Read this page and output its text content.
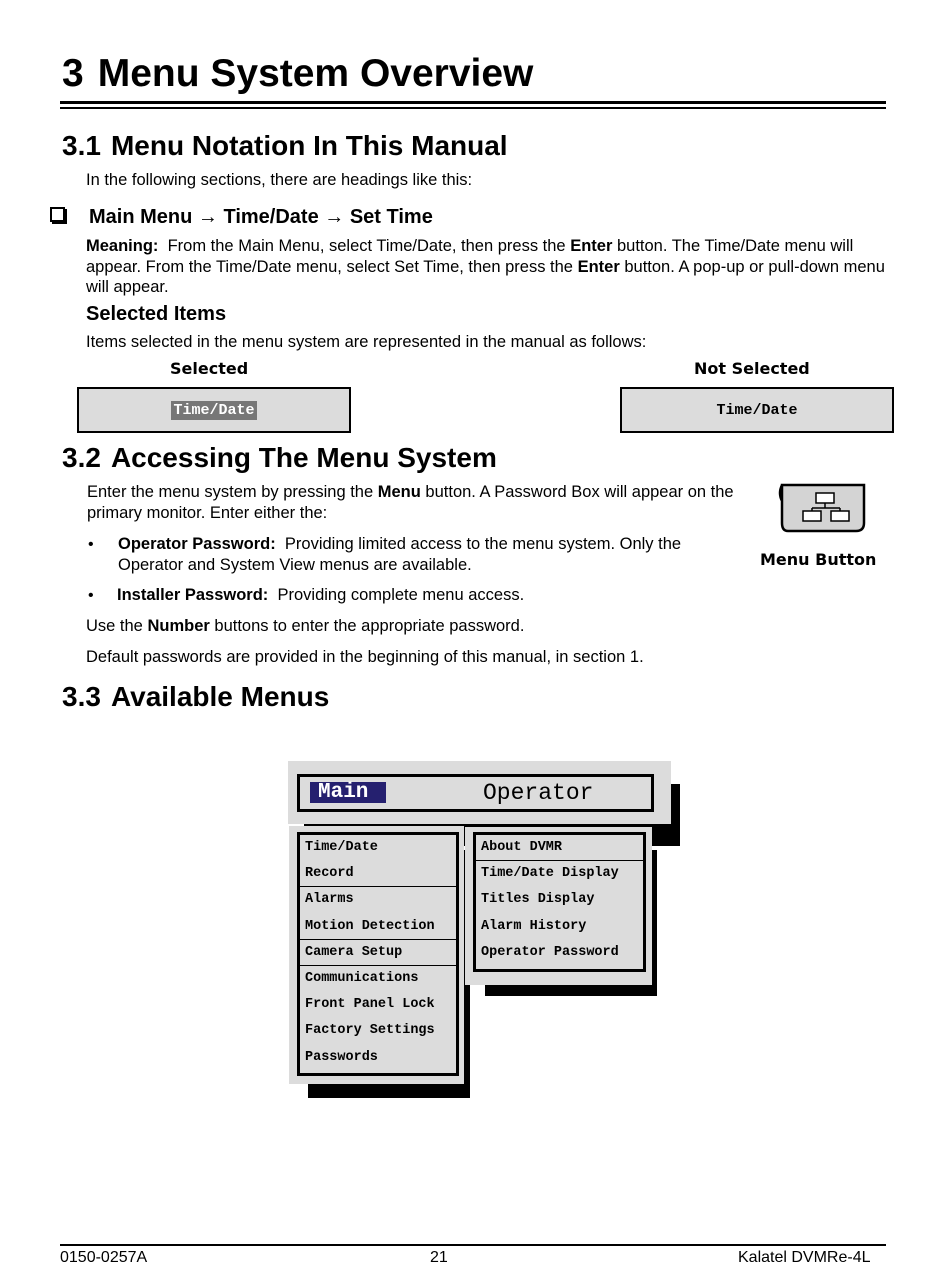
3 Menu System Overview
3.1 Menu Notation In This Manual
In the following sections, there are headings like this:
Main Menu → Time/Date → Set Time
Meaning: From the Main Menu, select Time/Date, then press the Enter button. The Time/Date menu will appear. From the Time/Date menu, select Set Time, then press the Enter button. A pop-up or pull-down menu will appear.
Selected Items
Items selected in the menu system are represented in the manual as follows:
Selected	Not Selected
Time/Date	Time/Date
3.2 Accessing The Menu System
Enter the menu system by pressing the Menu button. A Password Box will appear on the primary monitor. Enter either the:
• Operator Password: Providing limited access to the menu system. Only the Operator and System View menus are available.
• Installer Password: Providing complete menu access.
Use the Number buttons to enter the appropriate password.
Default passwords are provided in the beginning of this manual, in section 1.
Menu Button
3.3 Available Menus
Main	Operator
Time/Date
Record
Alarms
Motion Detection
Camera Setup
Communications
Front Panel Lock
Factory Settings
Passwords
About DVMR
Time/Date Display
Titles Display
Alarm History
Operator Password
0150-0257A	21	Kalatel DVMRe-4L
